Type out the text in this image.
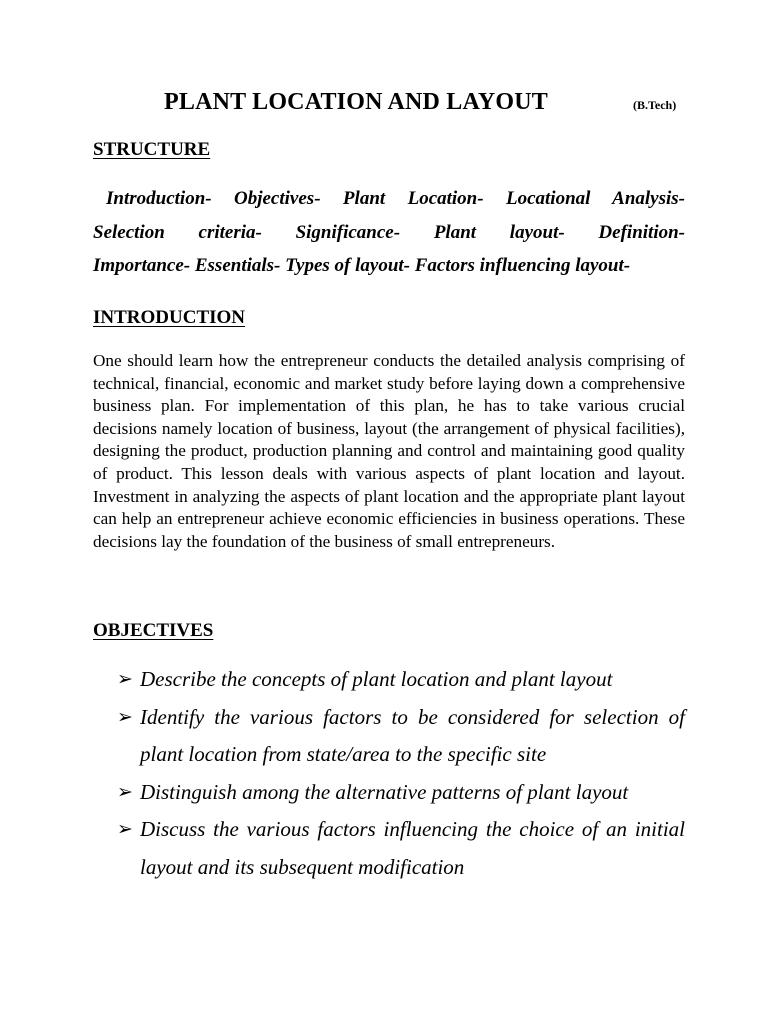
PLANT LOCATION AND LAYOUT	(B.Tech)
STRUCTURE
Introduction- Objectives- Plant Location- Locational Analysis-
Selection criteria- Significance- Plant layout- Definition-
Importance- Essentials- Types of layout- Factors influencing layout-
INTRODUCTION

One should learn how the entrepreneur conducts the detailed analysis comprising of technical, financial, economic and market study before laying down a comprehensive business plan. For implementation of this plan, he has to take various crucial decisions namely location of business, layout (the arrangement of physical facilities), designing the product, production planning and control and maintaining good quality of product. This lesson deals with various aspects of plant location and layout. Investment in analyzing the aspects of plant location and the appropriate plant layout can help an entrepreneur achieve economic efficiencies in business operations. These decisions lay the foundation of the business of small entrepreneurs.

OBJECTIVES
➢ Describe the concepts of plant location and plant layout
➢ Identify the various factors to be considered for selection of plant location from state/area to the specific site
➢ Distinguish among the alternative patterns of plant layout
➢ Discuss the various factors influencing the choice of an initial layout and its subsequent modification
